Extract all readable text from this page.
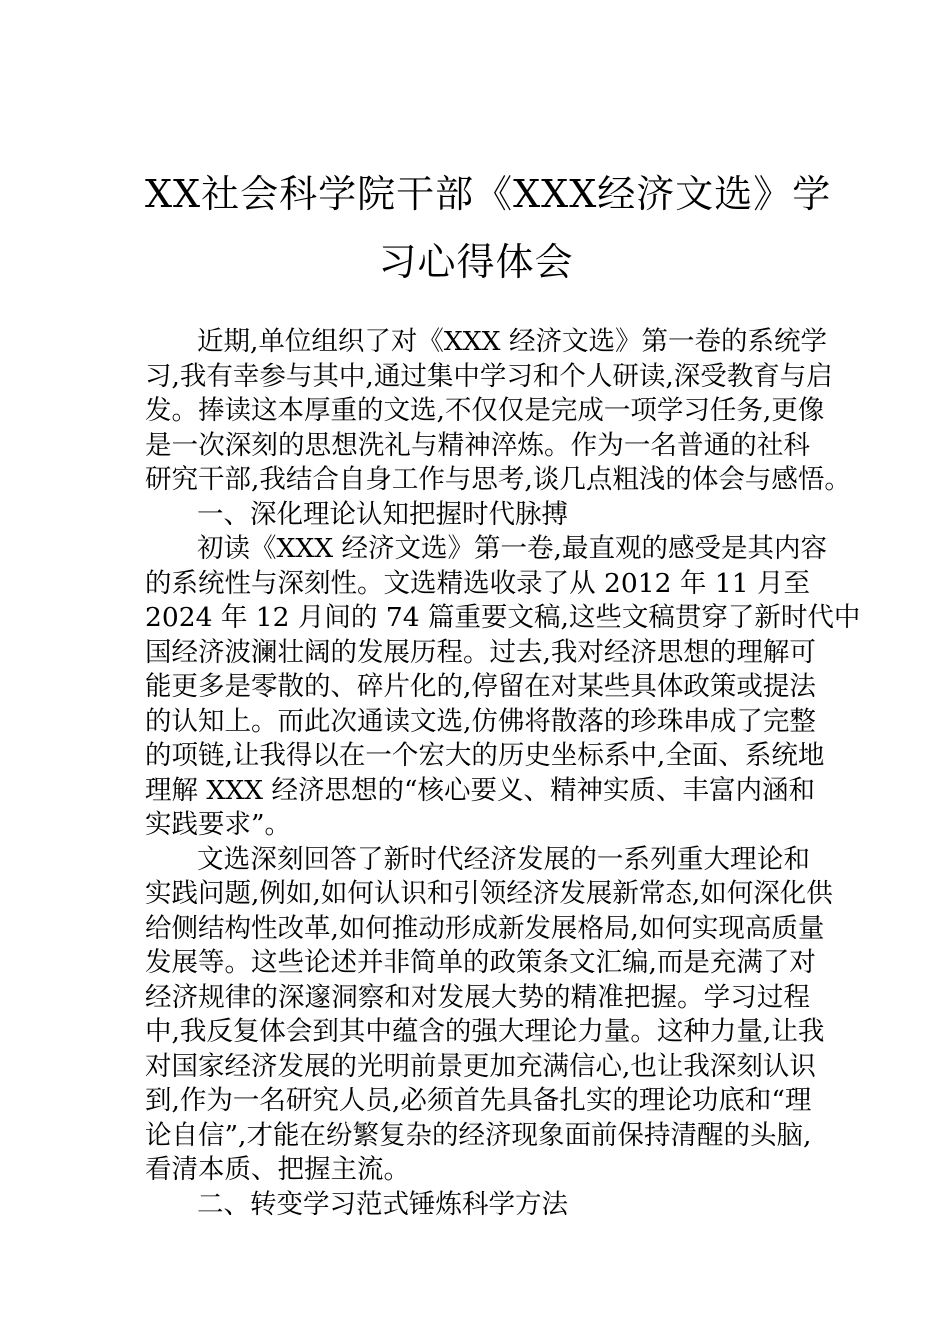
XX社会科学院干部《XXX经济文选》学
习心得体会
近期,单位组织了对《XXX 经济文选》第一卷的系统学
习,我有幸参与其中,通过集中学习和个人研读,深受教育与启
发。捧读这本厚重的文选,不仅仅是完成一项学习任务,更像
是一次深刻的思想洗礼与精神淬炼。作为一名普通的社科
研究干部,我结合自身工作与思考,谈几点粗浅的体会与感悟。
一、深化理论认知把握时代脉搏
初读《XXX 经济文选》第一卷,最直观的感受是其内容
的系统性与深刻性。文选精选收录了从 2012 年 11 月至
2024 年 12 月间的 74 篇重要文稿,这些文稿贯穿了新时代中
国经济波澜壮阔的发展历程。过去,我对经济思想的理解可
能更多是零散的、碎片化的,停留在对某些具体政策或提法
的认知上。而此次通读文选,仿佛将散落的珍珠串成了完整
的项链,让我得以在一个宏大的历史坐标系中,全面、系统地
理解 XXX 经济思想的“核心要义、精神实质、丰富内涵和
实践要求”。
文选深刻回答了新时代经济发展的一系列重大理论和
实践问题,例如,如何认识和引领经济发展新常态,如何深化供
给侧结构性改革,如何推动形成新发展格局,如何实现高质量
发展等。这些论述并非简单的政策条文汇编,而是充满了对
经济规律的深邃洞察和对发展大势的精准把握。学习过程
中,我反复体会到其中蕴含的强大理论力量。这种力量,让我
对国家经济发展的光明前景更加充满信心,也让我深刻认识
到,作为一名研究人员,必须首先具备扎实的理论功底和“理
论自信”,才能在纷繁复杂的经济现象面前保持清醒的头脑,
看清本质、把握主流。
二、转变学习范式锤炼科学方法
